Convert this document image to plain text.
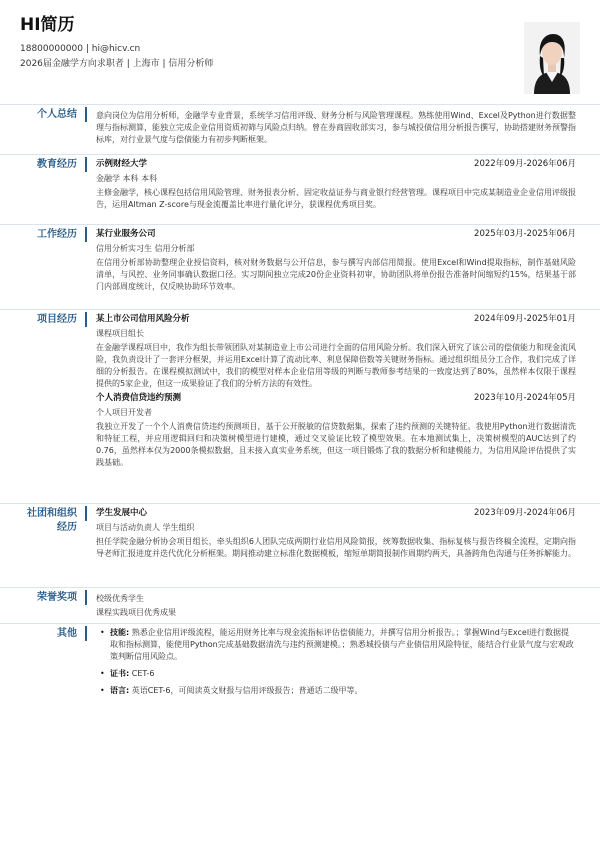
HI简历
18800000000 | hi@hicv.cn
2026届金融学方向求职者 | 上海市 | 信用分析师
个人总结 意向岗位为信用分析师，金融学专业背景，系统学习信用评级、财务分析与风险管理课程。熟练使用Wind、Excel及Python进行数据整理与指标测算，能独立完成企业信用资质初筛与风险点归纳。曾在券商固收部实习，参与城投债信用分析报告撰写，协助搭建财务预警指标库，对行业景气度与偿债能力有初步判断框架。
教育经历 示例财经大学	2022年09月-2026年06月
金融学 本科 本科
主修金融学，核心课程包括信用风险管理、财务报表分析、固定收益证券与商业银行经营管理。课程项目中完成某制造业企业信用评级报告，运用Altman Z-score与现金流覆盖比率进行量化评分，获课程优秀项目奖。
工作经历 某行业服务公司	2025年03月-2025年06月
信用分析实习生 信用分析部
在信用分析部协助整理企业授信资料，核对财务数据与公开信息，参与撰写内部信用简报。使用Excel和Wind提取指标，制作基础风险清单，与风控、业务同事确认数据口径。实习期间独立完成20份企业资料初审，协助团队将单份报告准备时间缩短约15%，结果基于部门内部周度统计，仅反映协助环节效率。
项目经历 某上市公司信用风险分析	2024年09月-2025年01月
课程项目组长
在金融学课程项目中，我作为组长带领团队对某制造业上市公司进行全面的信用风险分析。我们深入研究了该公司的偿债能力和现金流风险，我负责设计了一套评分框架，并运用Excel计算了流动比率、利息保障倍数等关键财务指标。通过组织组员分工合作，我们完成了详细的分析报告。在课程模拟测试中，我们的模型对样本企业信用等级的判断与教师参考结果的一致度达到了80%，虽然样本仅限于课程提供的5家企业，但这一成果验证了我们的分析方法的有效性。
个人消费信贷违约预测	2023年10月-2024年05月
个人项目开发者
我独立开发了一个个人消费信贷违约预测项目，基于公开脱敏的信贷数据集，探索了违约预测的关键特征。我使用Python进行数据清洗和特征工程，并应用逻辑回归和决策树模型进行建模，通过交叉验证比较了模型效果。在本地测试集上，决策树模型的AUC达到了约0.76，虽然样本仅为2000条模拟数据，且未接入真实业务系统，但这一项目锻炼了我的数据分析和建模能力，为信用风险评估提供了实践基础。
社团和组织经历
学生发展中心	2023年09月-2024年06月
项目与活动负责人 学生组织
担任学院金融分析协会项目组长，牵头组织6人团队完成两期行业信用风险简报，统筹数据收集、指标复核与报告终稿全流程，定期向指导老师汇报进度并迭代优化分析框架。期间推动建立标准化数据模板，缩短单期简报制作周期约两天，具备跨角色沟通与任务拆解能力。
荣誉奖项 校级优秀学生
课程实践项目优秀成果
其他
•	技能: 熟悉企业信用评级流程，能运用财务比率与现金流指标评估偿债能力，并撰写信用分析报告。；掌握Wind与Excel进行数据提取和指标测算，能使用Python完成基础数据清洗与违约预测建模。；熟悉城投债与产业债信用风险特征，能结合行业景气度与宏观政策判断信用风险点。
• 证书: CET-6
• 语言: 英语CET-6，可阅读英文财报与信用评级报告；普通话二级甲等。
